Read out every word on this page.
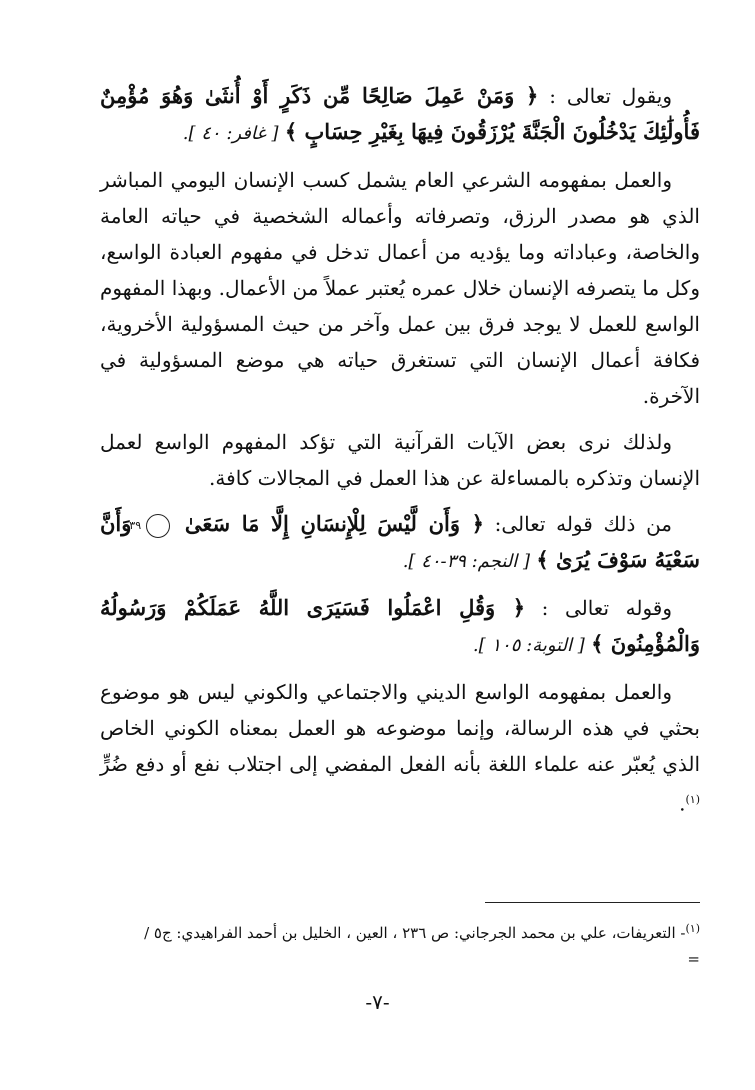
ويقول تعالى : ﴿ وَمَنْ عَمِلَ صَالِحًا مِّن ذَكَرٍ أَوْ أُنثَىٰ وَهُوَ مُؤْمِنٌ فَأُولَٰئِكَ يَدْخُلُونَ الْجَنَّةَ يُرْزَقُونَ فِيهَا بِغَيْرِ حِسَابٍ ﴾ [ غافر: ٤٠ ].

والعمل بمفهومه الشرعي العام يشمل كسب الإنسان اليومي المباشر الذي هو مصدر الرزق، وتصرفاته وأعماله الشخصية في حياته العامة والخاصة، وعباداته وما يؤديه من أعمال تدخل في مفهوم العبادة الواسع، وكل ما يتصرفه الإنسان خلال عمره يُعتبر عملاً من الأعمال. وبهذا المفهوم الواسع للعمل لا يوجد فرق بين عمل وآخر من حيث المسؤولية الأخروية، فكافة أعمال الإنسان التي تستغرق حياته هي موضع المسؤولية في الآخرة.

ولذلك نرى بعض الآيات القرآنية التي تؤكد المفهوم الواسع لعمل الإنسان وتذكره بالمساءلة عن هذا العمل في المجالات كافة.

من ذلك قوله تعالى: ﴿ وَأَن لَّيْسَ لِلْإِنسَانِ إِلَّا مَا سَعَىٰ ٣٩ وَأَنَّ سَعْيَهُ سَوْفَ يُرَىٰ ﴾ [ النجم: ٣٩-٤٠ ].

وقوله تعالى : ﴿ وَقُلِ اعْمَلُوا فَسَيَرَى اللَّهُ عَمَلَكُمْ وَرَسُولُهُ وَالْمُؤْمِنُونَ ﴾ [ التوبة: ١٠٥ ].

والعمل بمفهومه الواسع الديني والاجتماعي والكوني ليس هو موضوع بحثي في هذه الرسالة، وإنما موضوعه هو العمل بمعناه الكوني الخاص الذي يُعبّر عنه علماء اللغة بأنه الفعل المفضي إلى اجتلاب نفع أو دفع ضُرٍّ $^{(١)}$.

$^{(١)}$- التعريفات، علي بن محمد الجرجاني: ص ٢٣٦ ، العين ، الخليل بن أحمد الفراهيدي: ج٥ /
=
-٧-
